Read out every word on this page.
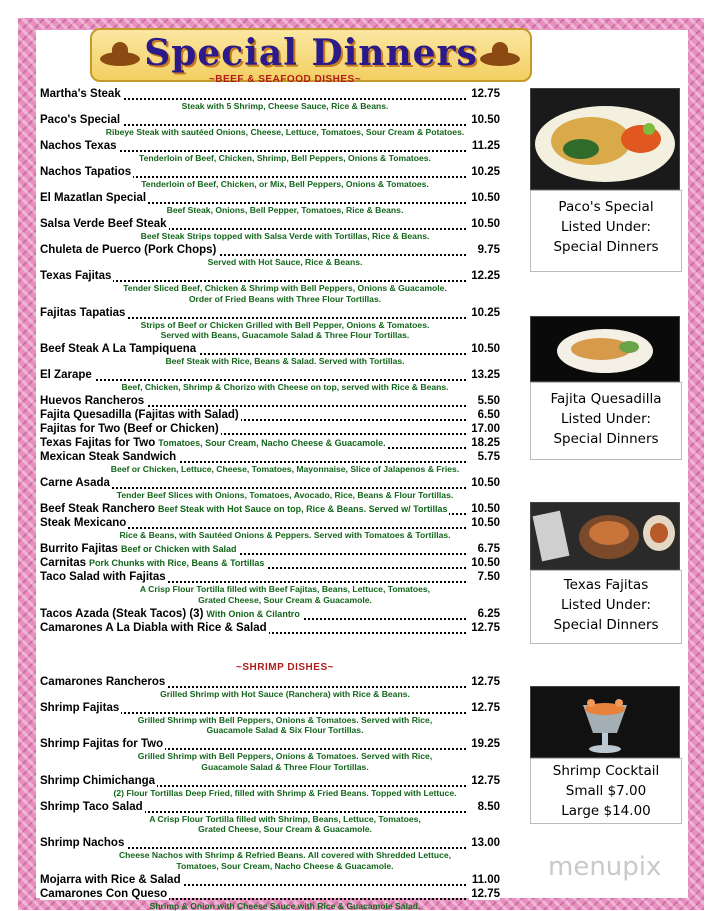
Special Dinners
~BEEF & SEAFOOD DISHES~
Martha's Steak	12.75
Steak with 5 Shrimp, Cheese Sauce, Rice & Beans.
Paco's Special	10.50
Ribeye Steak with sautéed Onions, Cheese, Lettuce, Tomatoes, Sour Cream & Potatoes.
Nachos Texas	11.25
Tenderloin of Beef, Chicken, Shrimp, Bell Peppers, Onions & Tomatoes.
Nachos Tapatios	10.25
Tenderloin of Beef, Chicken, or Mix, Bell Peppers, Onions & Tomatoes.
El Mazatlan Special	10.50
Beef Steak, Onions, Bell Pepper, Tomatoes, Rice & Beans.
Salsa Verde Beef Steak	10.50
Beef Steak Strips topped with Salsa Verde with Tortillas, Rice & Beans.
Chuleta de Puerco (Pork Chops)	9.75
Served with Hot Sauce, Rice & Beans.
Texas Fajitas	12.25
Tender Sliced Beef, Chicken & Shrimp with Bell Peppers, Onions & Guacamole.
Order of Fried Beans with Three Flour Tortillas.
Fajitas Tapatias	10.25
Strips of Beef or Chicken Grilled with Bell Pepper, Onions & Tomatoes.
Served with Beans, Guacamole Salad & Three Flour Tortillas.
Beef Steak A La Tampiquena	10.50
Beef Steak with Rice, Beans & Salad. Served with Tortillas.
El Zarape	13.25
Beef, Chicken, Shrimp & Chorizo with Cheese on top, served with Rice & Beans.
Huevos Rancheros	5.50
Fajita Quesadilla (Fajitas with Salad)	6.50
Fajitas for Two (Beef or Chicken)	17.00
Texas Fajitas for Two Tomatoes, Sour Cream, Nacho Cheese & Guacamole.	18.25
Mexican Steak Sandwich	5.75
Beef or Chicken, Lettuce, Cheese, Tomatoes, Mayonnaise, Slice of Jalapenos & Fries.
Carne Asada	10.50
Tender Beef Slices with Onions, Tomatoes, Avocado, Rice, Beans & Flour Tortillas.
Beef Steak Ranchero Beef Steak with Hot Sauce on top, Rice & Beans. Served w/ Tortillas 10.50
Steak Mexicano	10.50
Rice & Beans, with Sautéed Onions & Peppers. Served with Tomatoes & Tortillas.
Burrito Fajitas Beef or Chicken with Salad	6.75
Carnitas Pork Chunks with Rice, Beans & Tortillas	10.50
Taco Salad with Fajitas	7.50
A Crisp Flour Tortilla filled with Beef Fajitas, Beans, Lettuce, Tomatoes,
Grated Cheese, Sour Cream & Guacamole.
Tacos Azada (Steak Tacos) (3) With Onion & Cilantro	6.25
Camarones A La Diabla with Rice & Salad	12.75
~SHRIMP DISHES~
Camarones Rancheros	12.75
Grilled Shrimp with Hot Sauce (Ranchera) with Rice & Beans.
Shrimp Fajitas	12.75
Grilled Shrimp with Bell Peppers, Onions & Tomatoes. Served with Rice,
Guacamole Salad & Six Flour Tortillas.
Shrimp Fajitas for Two	19.25
Grilled Shrimp with Bell Peppers, Onions & Tomatoes. Served with Rice,
Guacamole Salad & Three Flour Tortillas.
Shrimp Chimichanga	12.75
(2) Flour Tortillas Deep Fried, filled with Shrimp & Fried Beans. Topped with Lettuce.
Shrimp Taco Salad	8.50
A Crisp Flour Tortilla filled with Shrimp, Beans, Lettuce, Tomatoes,
Grated Cheese, Sour Cream & Guacamole.
Shrimp Nachos	13.00
Cheese Nachos with Shrimp & Refried Beans. All covered with Shredded Lettuce,
Tomatoes, Sour Cream, Nacho Cheese & Guacamole.
Mojarra with Rice & Salad	11.00
Camarones Con Queso	12.75
Shrimp & Onion with Cheese Sauce with Rice & Guacamole Salad.
Paco's Special
Listed Under:
Special Dinners
Fajita Quesadilla
Listed Under:
Special Dinners
Texas Fajitas
Listed Under:
Special Dinners
Shrimp Cocktail
Small $7.00
Large $14.00
menupix
